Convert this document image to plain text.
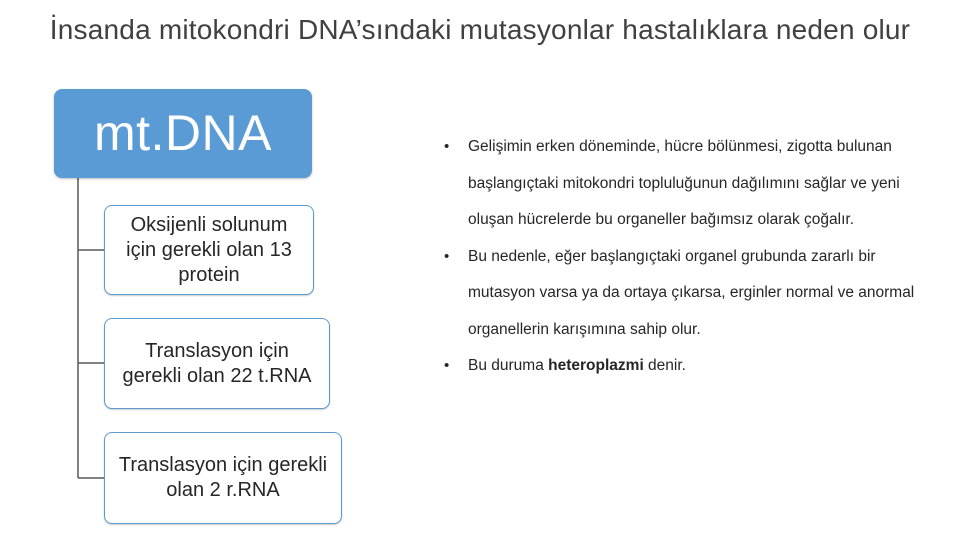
İnsanda mitokondri DNA’sındaki mutasyonlar hastalıklara neden olur
mt.DNA
Oksijenli solunum için gerekli olan 13 protein
Translasyon için gerekli olan 22 t.RNA
Translasyon için gerekli olan 2 r.RNA
•
Gelişimin erken döneminde, hücre bölünmesi, zigotta bulunan başlangıçtaki mitokondri topluluğunun dağılımını sağlar ve yeni oluşan hücrelerde bu organeller bağımsız olarak çoğalır.
•
Bu nedenle, eğer başlangıçtaki organel grubunda zararlı bir mutasyon varsa ya da ortaya çıkarsa, erginler normal ve anormal organellerin karışımına sahip olur.
•
Bu duruma heteroplazmi denir.
